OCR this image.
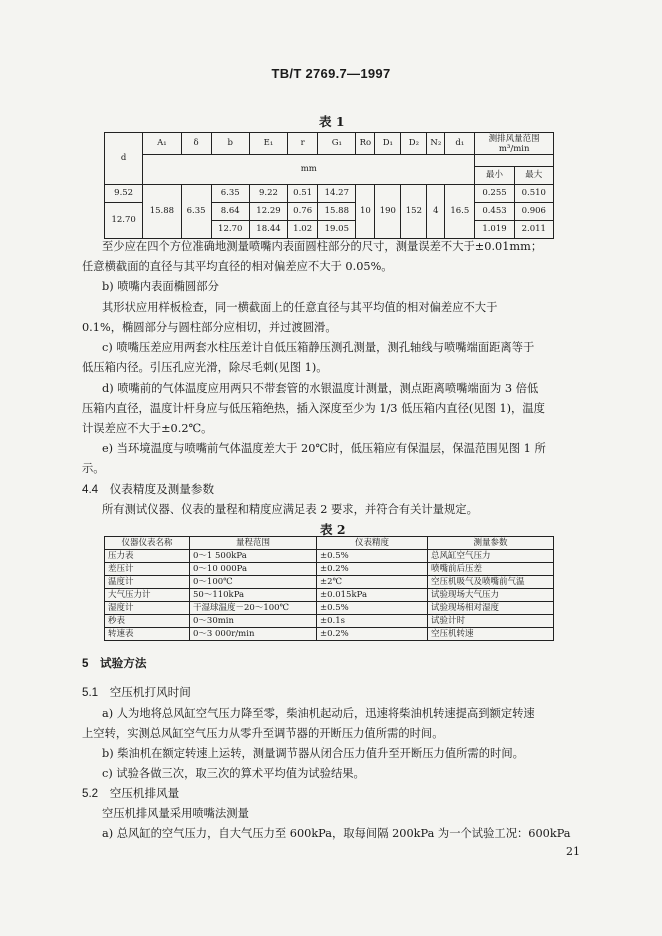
TB/T 2769.7—1997
表 1
d	A₁	δ	b	E₁	r	G₁	Ro	D₁	D₂	N₂	d₁	测排风量范围
m³/min	

	mm												
												最小	最大
9.52	15.88	6.35	6.35	9.22	0.51	14.27	10	190	152	4	16.5	0.255	0.510
12.70			8.64	12.29	0.76	15.88						0.453	0.906
			12.70	18.44	1.02	19.05						1.019	2.011
至少应在四个方位准确地测量喷嘴内表面圆柱部分的尺寸，测量误差不大于±0.01mm；
任意横截面的直径与其平均直径的相对偏差应不大于 0.05%。
b) 喷嘴内表面椭圆部分
其形状应用样板检查，同一横截面上的任意直径与其平均值的相对偏差应不大于
0.1%，椭圆部分与圆柱部分应相切，并过渡圆滑。
c) 喷嘴压差应用两套水柱压差计自低压箱静压测孔测量，测孔轴线与喷嘴端面距离等于
低压箱内径。引压孔应光滑，除尽毛刺(见图 1)。
d) 喷嘴前的气体温度应用两只不带套管的水银温度计测量，测点距离喷嘴端面为 3 倍低
压箱内直径，温度计杆身应与低压箱绝热，插入深度至少为 1/3 低压箱内直径(见图 1)，温度
计误差应不大于±0.2℃。
e) 当环境温度与喷嘴前气体温度差大于 20℃时，低压箱应有保温层，保温范围见图 1 所
示。
4.4　仪表精度及测量参数
所有测试仪器、仪表的量程和精度应满足表 2 要求，并符合有关计量规定。
表 2
仪器仪表名称	量程范围	仪表精度	测量参数
压力表	0～1 500kPa	±0.5%	总风缸空气压力
差压计	0～10 000Pa	±0.2%	喷嘴前后压差
温度计	0～100℃	±2℃	空压机吸气及喷嘴前气温
大气压力计	50～110kPa	±0.015kPa	试验现场大气压力
湿度计	干湿球温度－20～100℃	±0.5%	试验现场相对湿度
秒表	0～30min	±0.1s	试验计时
转速表	0～3 000r/min	±0.2%	空压机转速
5　试验方法
5.1　空压机打风时间
a) 人为地将总风缸空气压力降至零，柴油机起动后，迅速将柴油机转速提高到额定转速
上空转，实测总风缸空气压力从零升至调节器的开断压力值所需的时间。
b) 柴油机在额定转速上运转，测量调节器从闭合压力值升至开断压力值所需的时间。
c) 试验各做三次，取三次的算术平均值为试验结果。
5.2　空压机排风量
空压机排风量采用喷嘴法测量
a) 总风缸的空气压力，自大气压力至 600kPa，取每间隔 200kPa 为一个试验工况：600kPa
21
